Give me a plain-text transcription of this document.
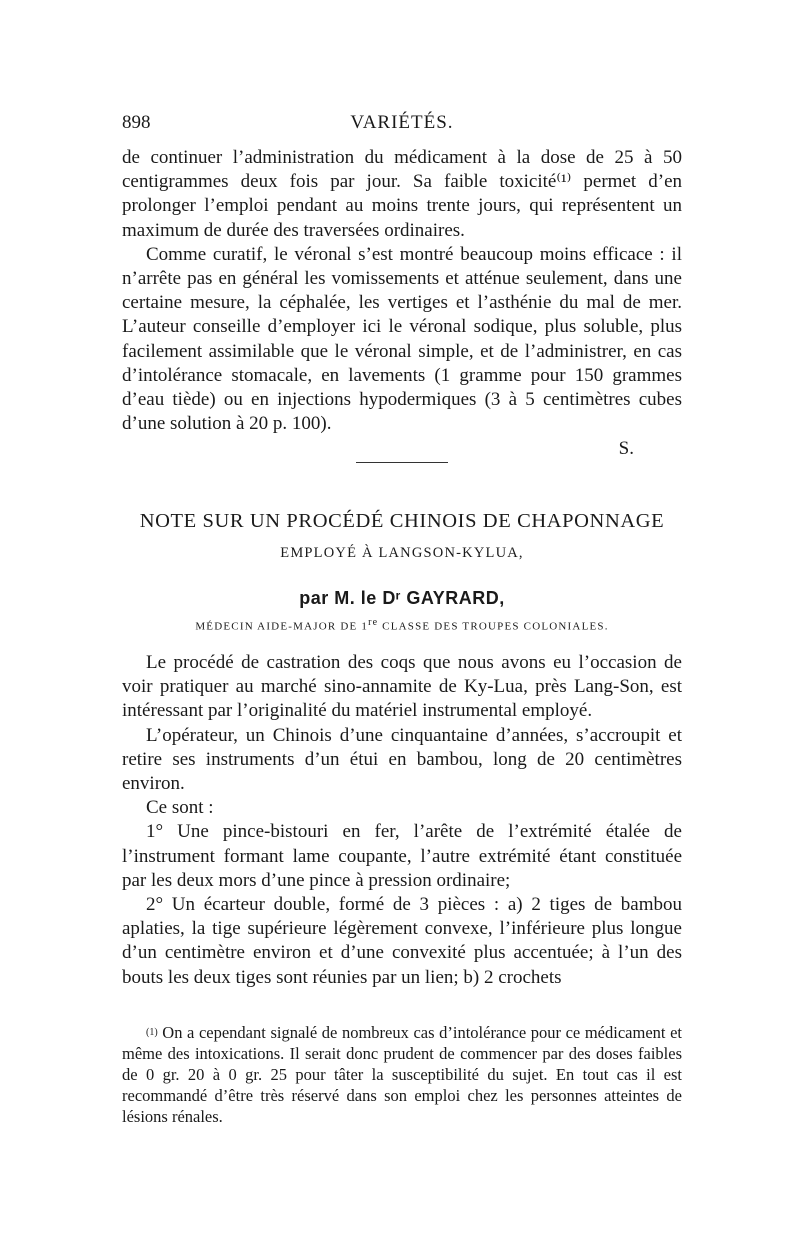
898	VARIÉTÉS.

de continuer l’administration du médicament à la dose de 25 à 50 centigrammes deux fois par jour. Sa faible toxicité⁽¹⁾ permet d’en prolonger l’emploi pendant au moins trente jours, qui représentent un maximum de durée des traversées ordinaires.

Comme curatif, le véronal s’est montré beaucoup moins efficace : il n’arrête pas en général les vomissements et atténue seulement, dans une certaine mesure, la céphalée, les vertiges et l’asthénie du mal de mer. L’auteur conseille d’employer ici le véronal sodique, plus soluble, plus facilement assimilable que le véronal simple, et de l’administrer, en cas d’intolérance stomacale, en lavements (1 gramme pour 150 grammes d’eau tiède) ou en injections hypodermiques (3 à 5 centimètres cubes d’une solution à 20 p. 100).

S.
NOTE SUR UN PROCÉDÉ CHINOIS DE CHAPONNAGE
EMPLOYÉ À LANGSON-KYLUA,
par M. le Dʳ GAYRARD,
MÉDECIN AIDE-MAJOR DE 1re CLASSE DES TROUPES COLONIALES.

Le procédé de castration des coqs que nous avons eu l’occasion de voir pratiquer au marché sino-annamite de Ky-Lua, près Lang-Son, est intéressant par l’originalité du matériel instrumental employé.

L’opérateur, un Chinois d’une cinquantaine d’années, s’accroupit et retire ses instruments d’un étui en bambou, long de 20 centimètres environ.

Ce sont :

1° Une pince-bistouri en fer, l’arête de l’extrémité étalée de l’instrument formant lame coupante, l’autre extrémité étant constituée par les deux mors d’une pince à pression ordinaire;

2° Un écarteur double, formé de 3 pièces : a) 2 tiges de bambou aplaties, la tige supérieure légèrement convexe, l’inférieure plus longue d’un centimètre environ et d’une convexité plus accentuée; à l’un des bouts les deux tiges sont réunies par un lien; b) 2 crochets

$^{(1)}$ On a cependant signalé de nombreux cas d’intolérance pour ce médicament et même des intoxications. Il serait donc prudent de commencer par des doses faibles de 0 gr. 20 à 0 gr. 25 pour tâter la susceptibilité du sujet. En tout cas il est recommandé d’être très réservé dans son emploi chez les personnes atteintes de lésions rénales.
